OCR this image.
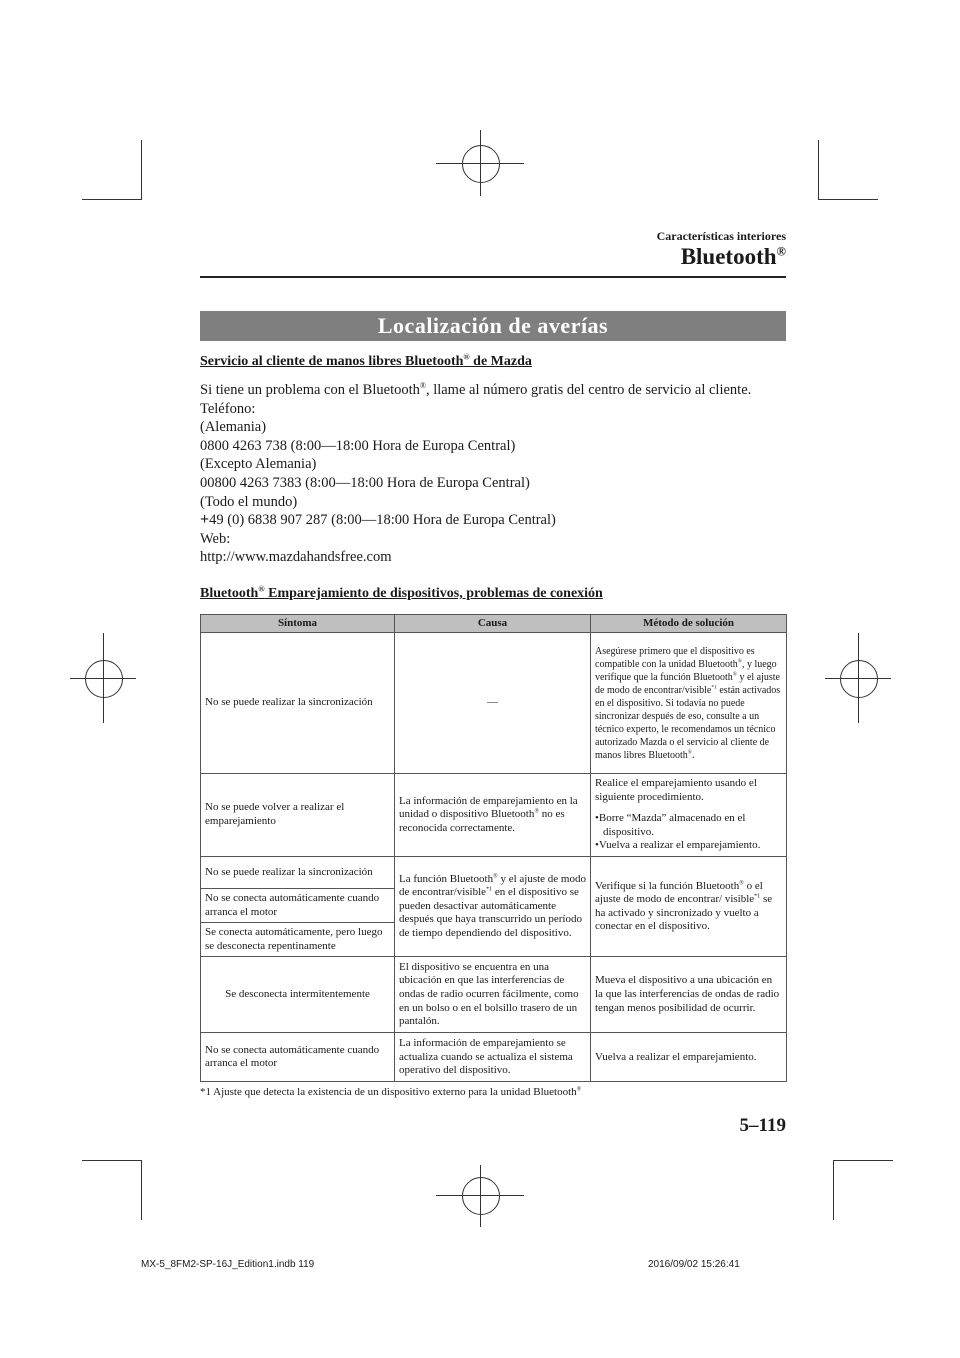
Características interiores
Bluetooth®
Localización de averías
Servicio al cliente de manos libres Bluetooth® de Mazda
Si tiene un problema con el Bluetooth®, llame al número gratis del centro de servicio al cliente.
Teléfono:
(Alemania)
0800 4263 738 (8:00—18:00 Hora de Europa Central)
(Excepto Alemania)
00800 4263 7383 (8:00—18:00 Hora de Europa Central)
(Todo el mundo)
+49 (0) 6838 907 287 (8:00—18:00 Hora de Europa Central)
Web:
http://www.mazdahandsfree.com
Bluetooth® Emparejamiento de dispositivos, problemas de conexión
Síntoma	Causa	Método de solución
No se puede realizar la sincronización	—	Asegúrese primero que el dispositivo es compatible con la unidad Bluetooth®, y luego verifique que la función Bluetooth® y el ajuste de modo de encontrar/visible$^{*1}$ están activados en el dispositivo. Si todavía no puede sincronizar después de eso, consulte a un técnico experto, le recomendamos un técnico autorizado Mazda o el servicio al cliente de manos libres Bluetooth®.
No se puede volver a realizar el emparejamiento	La información de emparejamiento en la unidad o dispositivo Bluetooth® no es reconocida correctamente.	Realice el emparejamiento usando el siguiente procedimiento.

•Borre “Mazda” almacenado en el dispositivo.

•Vuelva a realizar el emparejamiento.

No se puede realizar la sincronización	La función Bluetooth® y el ajuste de modo de encontrar/visible$^{*1}$ en el dispositivo se pueden desactivar automáticamente después que haya transcurrido un período de tiempo dependiendo del dispositivo.	Verifique si la función Bluetooth® o el ajuste de modo de encontrar/ visible$^{*1}$ se ha activado y sincronizado y vuelto a conectar en el dispositivo.
No se conecta automáticamente cuando arranca el motor		
Se conecta automáticamente, pero luego se desconecta repentinamente		
Se desconecta intermitentemente	El dispositivo se encuentra en una ubicación en que las interferencias de ondas de radio ocurren fácilmente, como en un bolso o en el bolsillo trasero de un pantalón.	Mueva el dispositivo a una ubicación en la que las interferencias de ondas de radio tengan menos posibilidad de ocurrir.
No se conecta automáticamente cuando arranca el motor	La información de emparejamiento se actualiza cuando se actualiza el sistema operativo del dispositivo.	Vuelva a realizar el emparejamiento.
*1 Ajuste que detecta la existencia de un dispositivo externo para la unidad Bluetooth®
5–119
MX-5_8FM2-SP-16J_Edition1.indb 119	2016/09/02 15:26:41
